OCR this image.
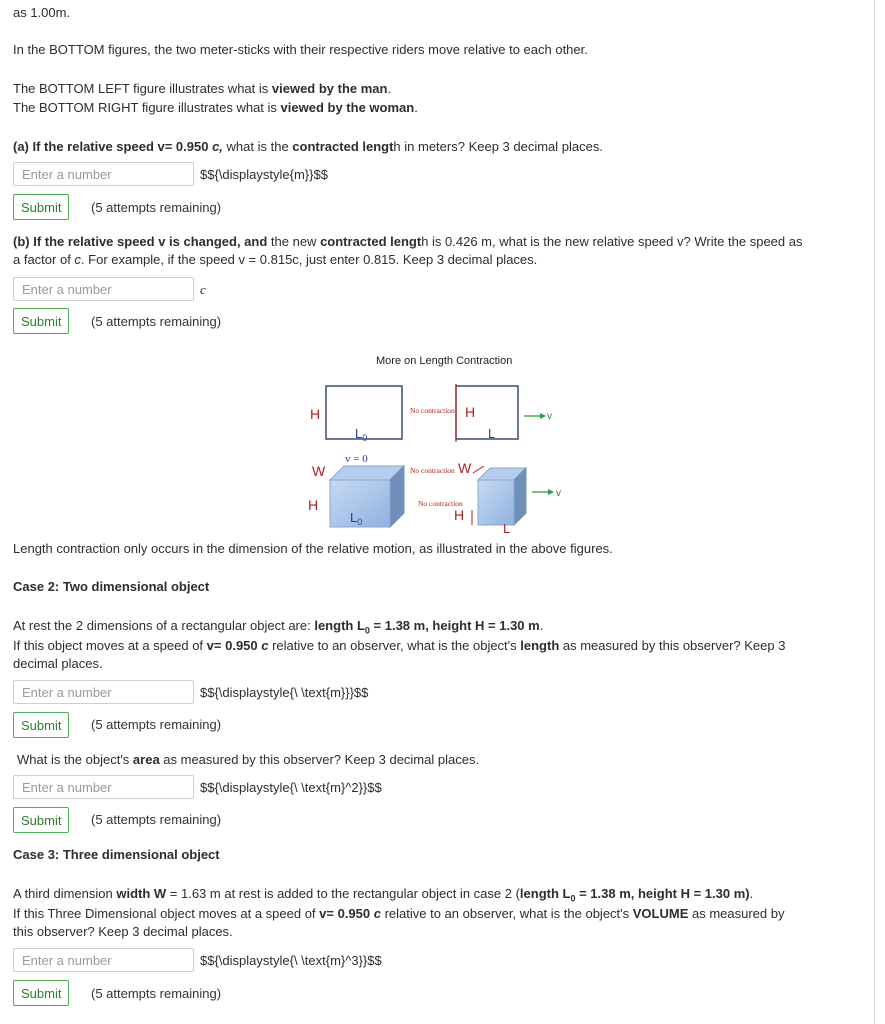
as 1.00m.
In the BOTTOM figures, the two meter-sticks with their respective riders move relative to each other.
The BOTTOM LEFT figure illustrates what is viewed by the man.
The BOTTOM RIGHT figure illustrates what is viewed by the woman.
(a) If the relative speed v= 0.950 c, what is the contracted length in meters? Keep 3 decimal places.
Enter a number
$${\displaystyle{m}}$$
Submit	(5 attempts remaining)
(b) If the relative speed v is changed, and the new contracted length is 0.426 m, what is the new relative speed v? Write the speed as
a factor of c. For example, if the speed v = 0.815c, just enter 0.815. Keep 3 decimal places.
Enter a number
c
Submit	(5 attempts remaining)
More on Length Contraction
H
$L_0$
No contraction H
L
v
v = 0
W
H
$L_0$
No contraction W
No contraction
H
L
v
Length contraction only occurs in the dimension of the relative motion, as illustrated in the above figures.
Case 2: Two dimensional object
At rest the 2 dimensions of a rectangular object are: length $L_0 = 1.38$ m, height H = 1.30 m.
If this object moves at a speed of v= 0.950 c relative to an observer, what is the object's length as measured by this observer? Keep 3
decimal places.
Enter a number
$${\displaystyle{\ \text{m}}}$$
Submit	(5 attempts remaining)
What is the object's area as measured by this observer? Keep 3 decimal places.
Enter a number
$${\displaystyle{\ \text{m}^2}}$$
Submit	(5 attempts remaining)
Case 3: Three dimensional object
A third dimension width W = 1.63 m at rest is added to the rectangular object in case 2 (length $L_0 = 1.38$ m, height H = 1.30 m).
If this Three Dimensional object moves at a speed of v= 0.950 c relative to an observer, what is the object's VOLUME as measured by
this observer? Keep 3 decimal places.
Enter a number
$${\displaystyle{\ \text{m}^3}}$$
Submit	(5 attempts remaining)
